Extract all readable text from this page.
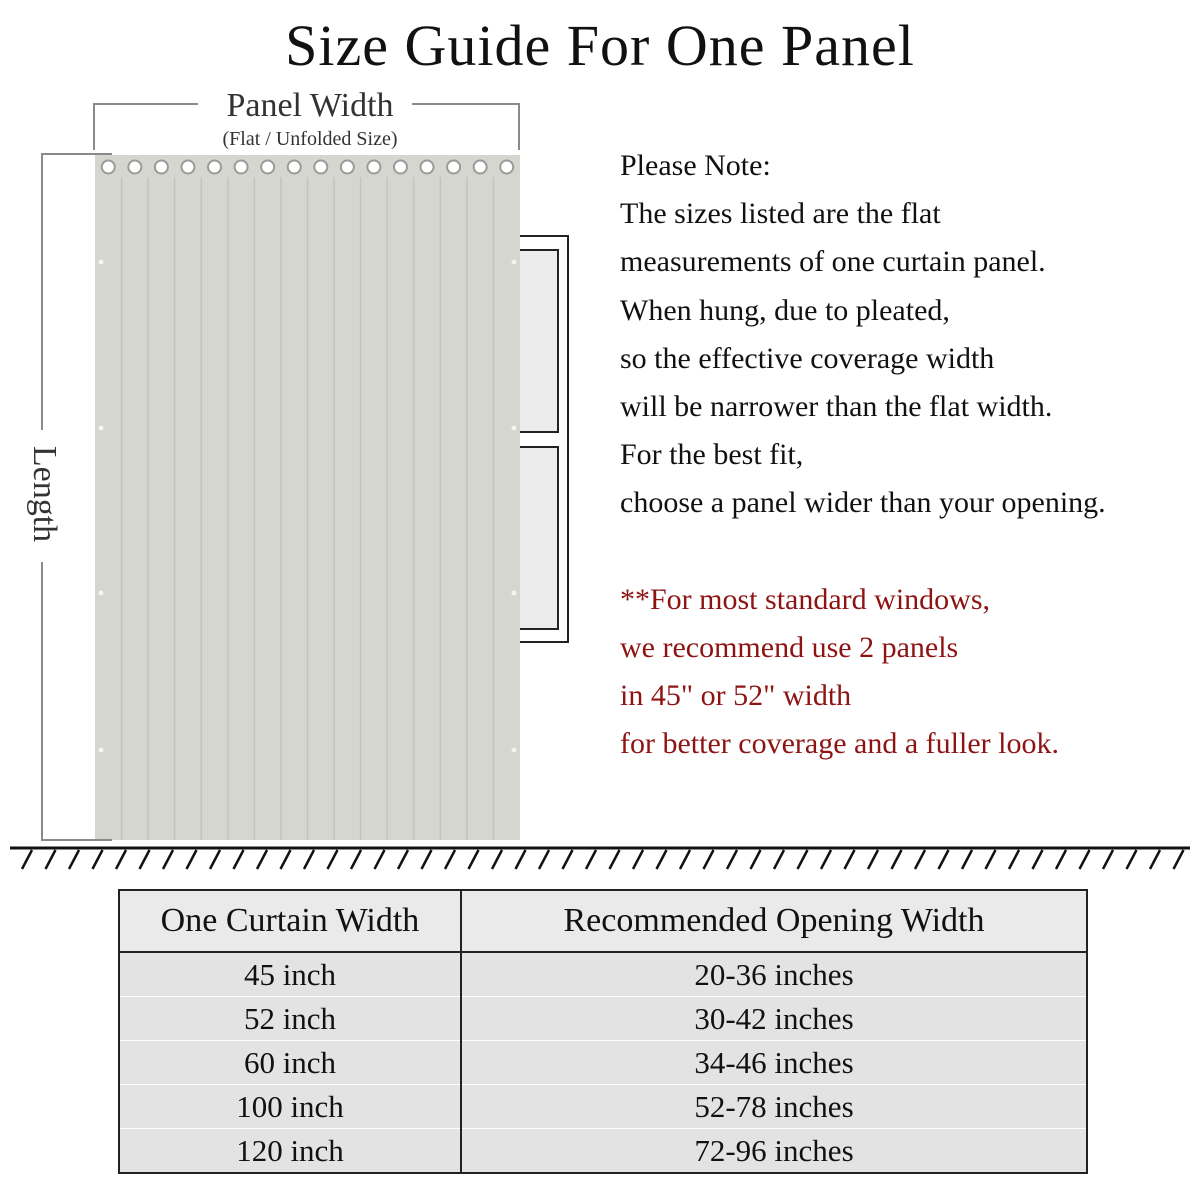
Size Guide For One Panel
Panel Width
(Flat / Unfolded Size)
Length
Please Note:
The sizes listed are the flat
measurements of one curtain panel.
When hung, due to pleated,
so the effective coverage width
will be narrower than the flat width.
For the best fit,
choose a panel wider than your opening.
**For most standard windows,
we recommend use 2 panels
in 45" or 52" width
for better coverage and a fuller look.
One Curtain Width	Recommended Opening Width
45 inch	20-36 inches
52 inch	30-42 inches
60 inch	34-46 inches
100 inch	52-78 inches
120 inch	72-96 inches
